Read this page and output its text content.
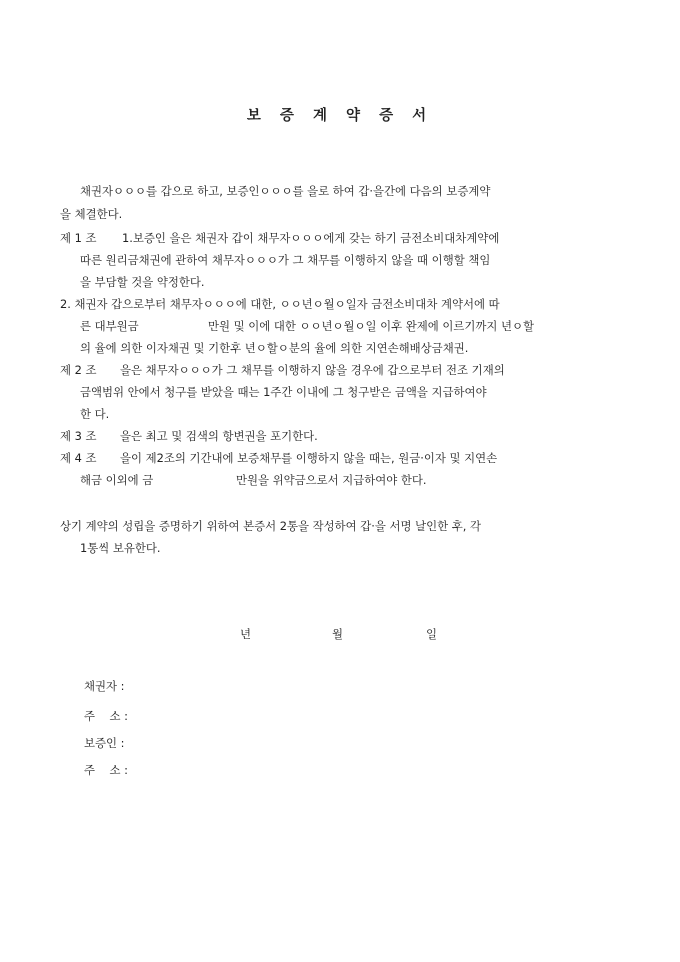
보 증 계 약 증 서
채권자ㅇㅇㅇ를 갑으로 하고, 보증인ㅇㅇㅇ를 을로 하여 갑·을간에 다음의 보증계약
을 체결한다.
제 1 조 1.보증인 을은 채권자 갑이 채무자ㅇㅇㅇ에게 갖는 하기 금전소비대차계약에
따른 원리금채권에 관하여 채무자ㅇㅇㅇ가 그 채무를 이행하지 않을 때 이행할 책임
을 부담할 것을 약정한다.
2. 채권자 갑으로부터 채무자ㅇㅇㅇ에 대한, ㅇㅇ년ㅇ월ㅇ일자 금전소비대차 계약서에 따
른 대부원금	만원 및 이에 대한 ㅇㅇ년ㅇ월ㅇ일 이후 완제에 이르기까지 년ㅇ할
의 율에 의한 이자채권 및 기한후 년ㅇ할ㅇ분의 율에 의한 지연손해배상금채권.
제 2 조 을은 채무자ㅇㅇㅇ가 그 채무를 이행하지 않을 경우에 갑으로부터 전조 기재의
금액범위 안에서 청구를 받았을 때는 1주간 이내에 그 청구받은 금액을 지급하여야
한 다.
제 3 조 을은 최고 및 검색의 항변권을 포기한다.
제 4 조 을이 제2조의 기간내에 보증채무를 이행하지 않을 때는, 원금·이자 및 지연손
해금 이외에 금	만원을 위약금으로서 지급하여야 한다.
상기 계약의 성립을 증명하기 위하여 본증서 2통을 작성하여 갑·을 서명 날인한 후, 각
1통씩 보유한다.
년	월	일
채권자 :
주    소 :
보증인 :
주    소 :
